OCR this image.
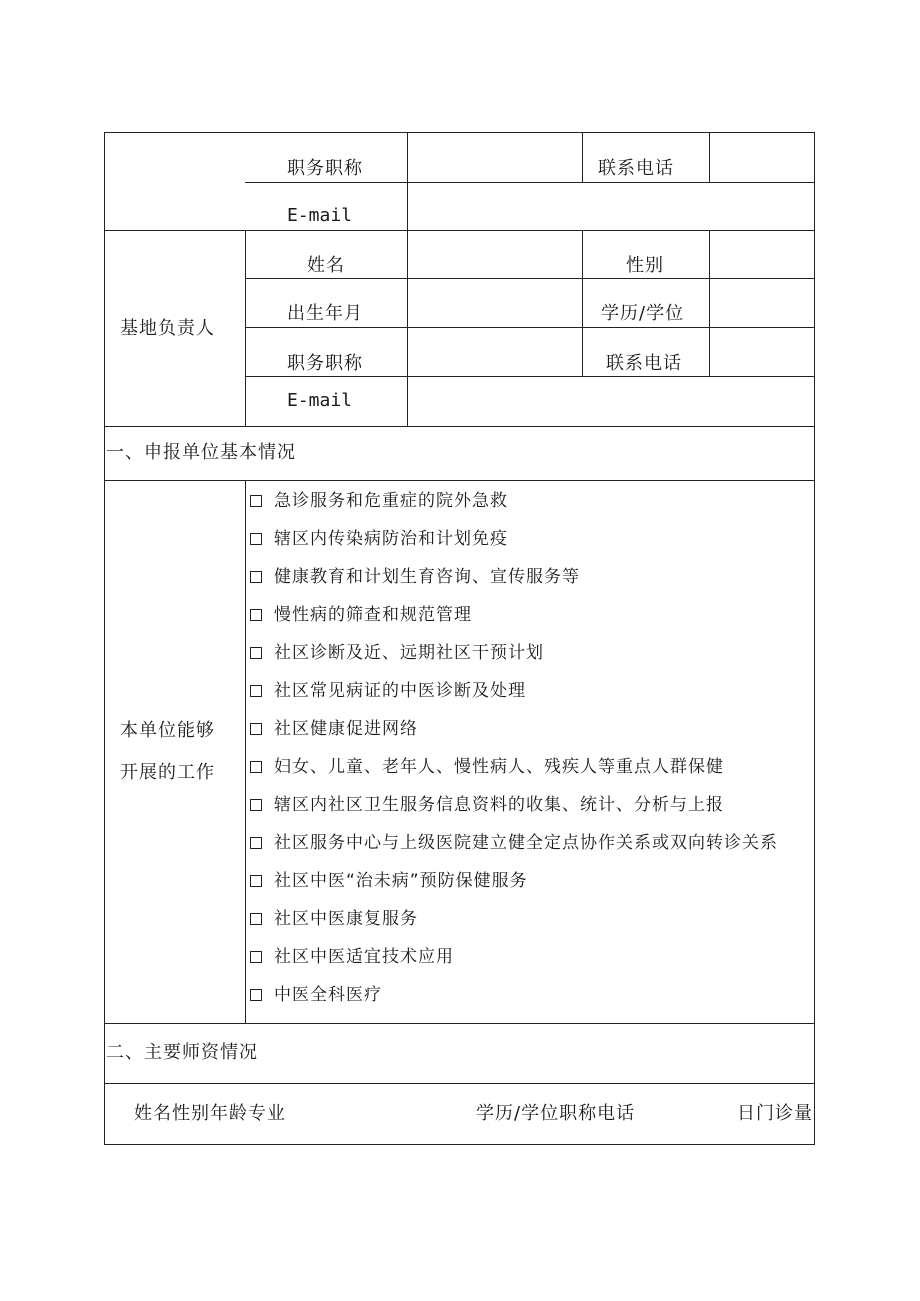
职务职称	联系电话
E-mail
基地负责人
姓名	性别
出生年月	学历/学位
职务职称	联系电话
E-mail
一、申报单位基本情况
本单位能够
开展的工作
急诊服务和危重症的院外急救
辖区内传染病防治和计划免疫
健康教育和计划生育咨询、宣传服务等
慢性病的筛查和规范管理
社区诊断及近、远期社区干预计划
社区常见病证的中医诊断及处理
社区健康促进网络
妇女、儿童、老年人、慢性病人、残疾人等重点人群保健
辖区内社区卫生服务信息资料的收集、统计、分析与上报
社区服务中心与上级医院建立健全定点协作关系或双向转诊关系
社区中医“治未病”预防保健服务
社区中医康复服务
社区中医适宜技术应用
中医全科医疗
二、主要师资情况
姓名性别年龄专业	学历/学位职称电话	日门诊量
